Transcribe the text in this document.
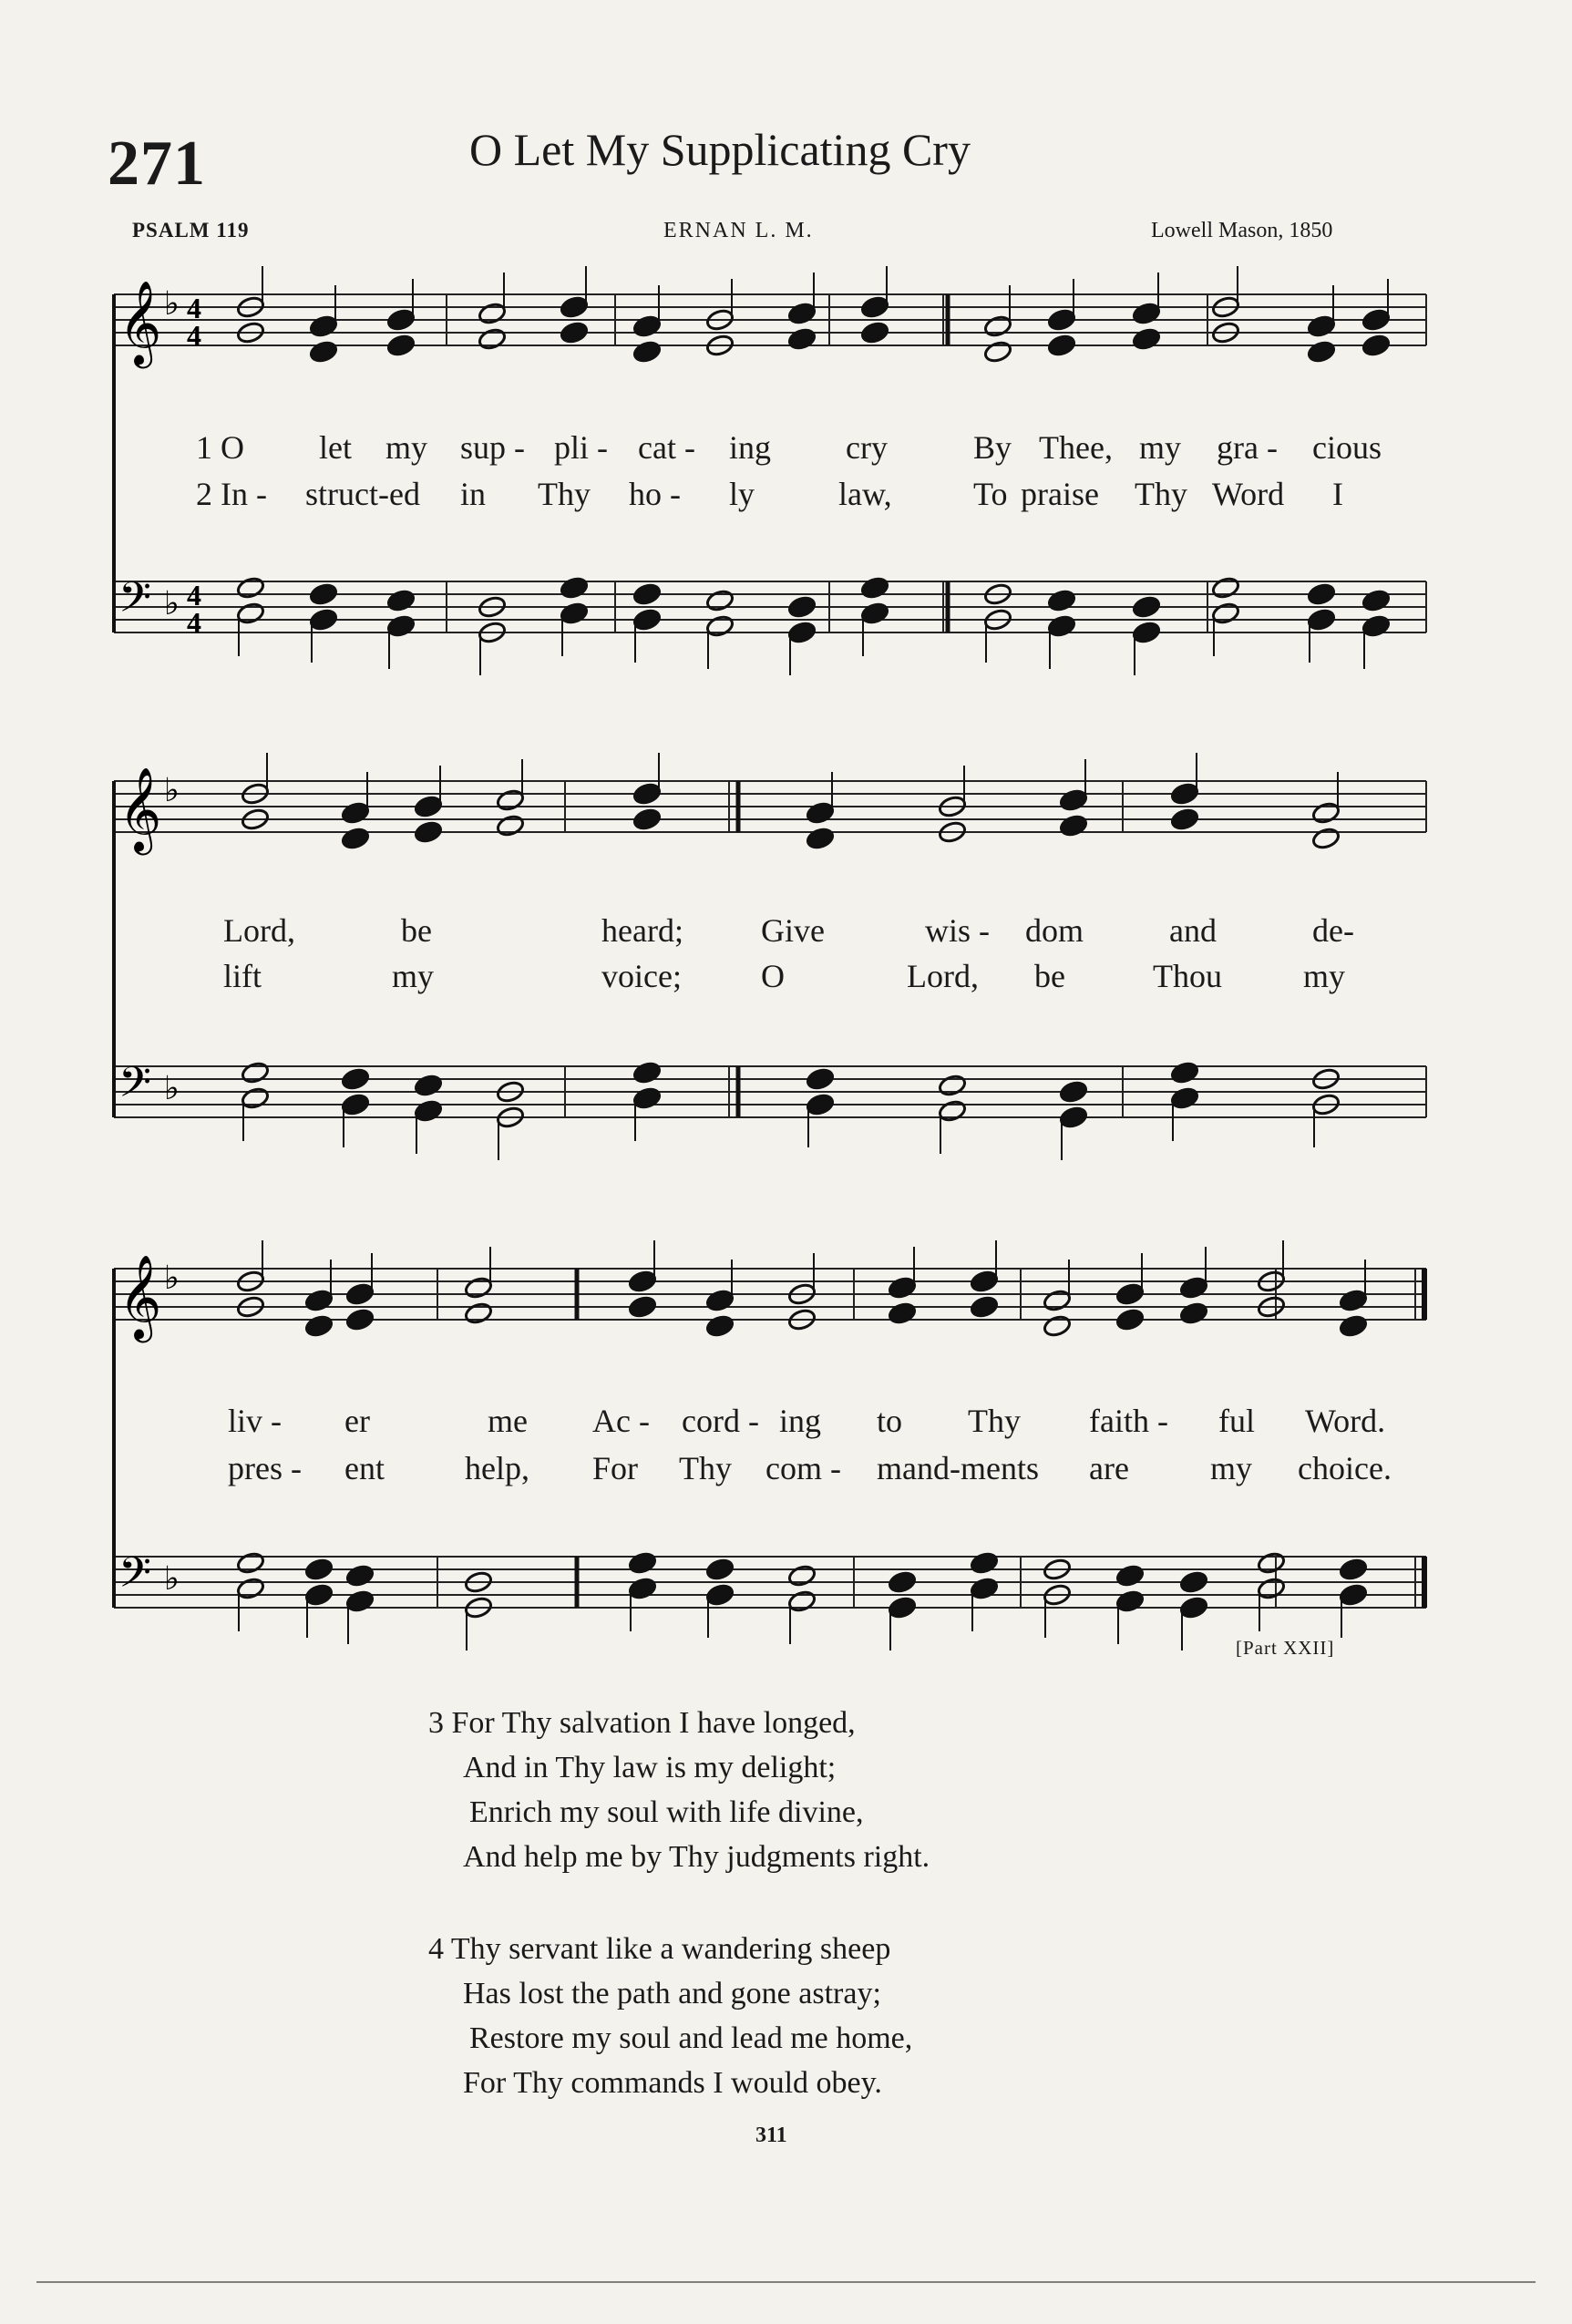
271	O Let My Supplicating Cry
PSALM 119	ERNAN L. M.	Lowell Mason, 1850
𝄞 ♭ 4
4
𝄢 ♭ 4
4
𝄞 ♭
𝄢 ♭
𝄞 ♭
𝄢 ♭
1 O let my sup - pli - cat - ing cry	By Thee, my gra - cious
2 In - struct-ed in Thy ho - ly	law, To praise Thy Word I
Lord,	be	heard; Give	wis - dom	and	de-
lift	my	voice; O	Lord, be	Thou my
liv - er	me Ac - cord - ing to Thy faith - ful Word.
pres - ent help, For Thy com - mand-ments are my choice.
[Part XXII]
3 For Thy salvation I have longed,
And in Thy law is my delight;
Enrich my soul with life divine,
And help me by Thy judgments right.
4 Thy servant like a wandering sheep
Has lost the path and gone astray;
Restore my soul and lead me home,
For Thy commands I would obey.
311
